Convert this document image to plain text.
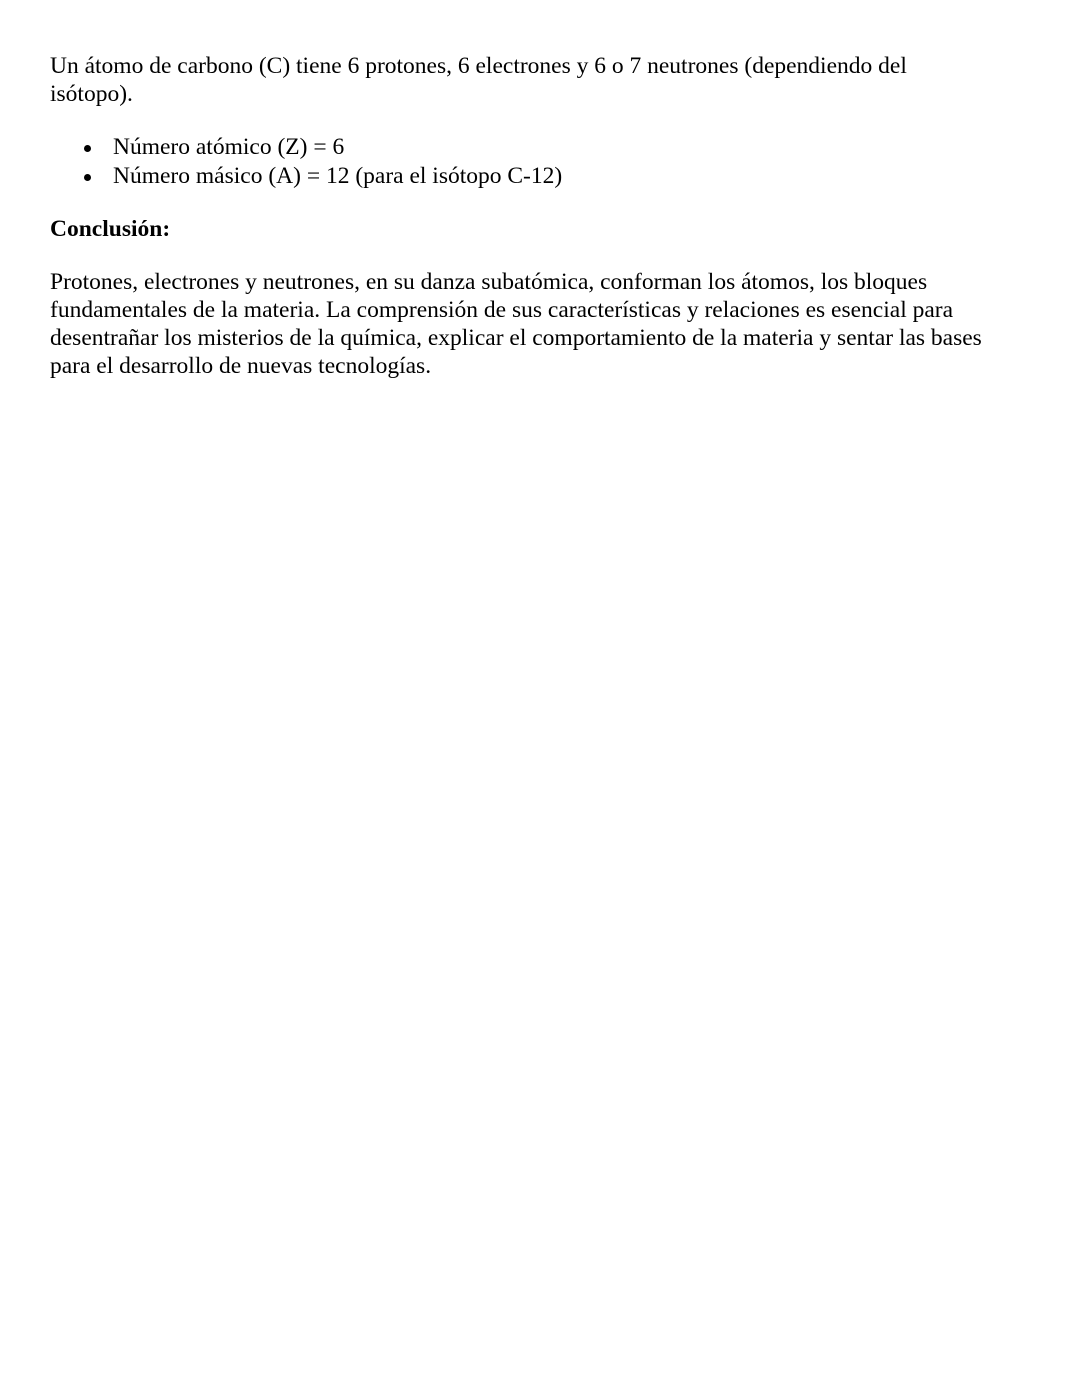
Un átomo de carbono (C) tiene 6 protones, 6 electrones y 6 o 7 neutrones (dependiendo del
isótopo).

Número atómico (Z) = 6
Número másico (A) = 12 (para el isótopo C-12)
Conclusión:

Protones, electrones y neutrones, en su danza subatómica, conforman los átomos, los bloques
fundamentales de la materia. La comprensión de sus características y relaciones es esencial para
desentrañar los misterios de la química, explicar el comportamiento de la materia y sentar las bases
para el desarrollo de nuevas tecnologías.
